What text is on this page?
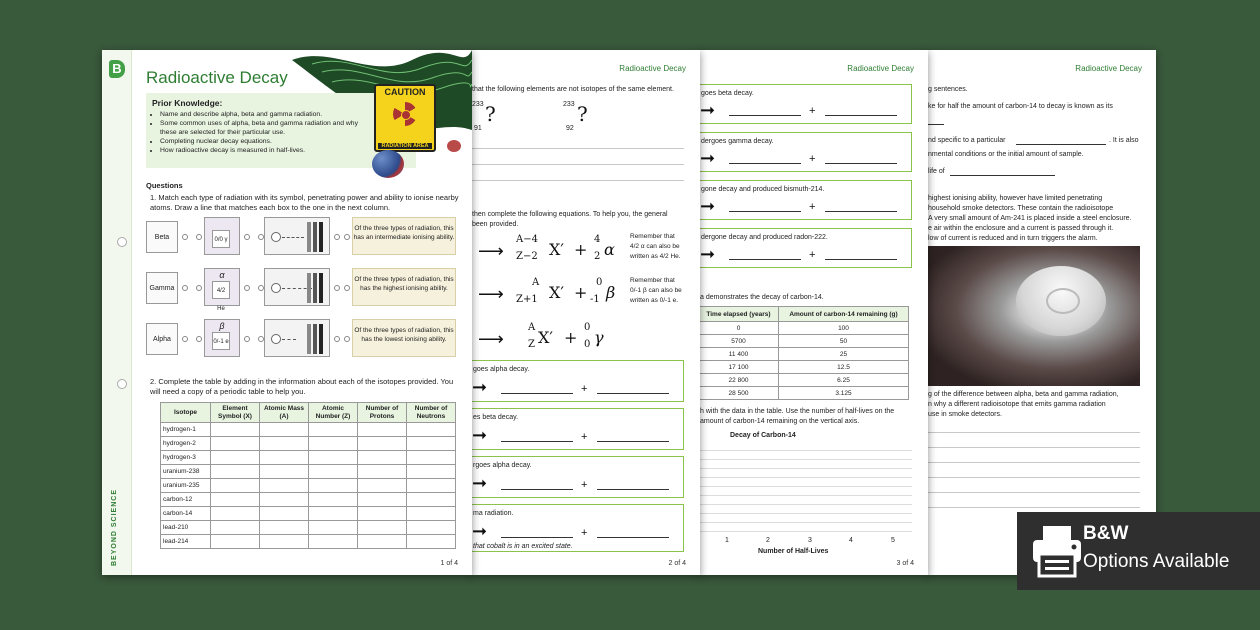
Radioactive Decay
g sentences.
ke for half the amount of carbon-14 to decay is known as its
nd specific to a particular	. It is also
nmental conditions or the initial amount of sample.
life of
highest ionising ability, however have limited penetrating
household smoke detectors. These contain the radioisotope
A very small amount of Am-241 is placed inside a steel enclosure.
e air within the enclosure and a current is passed through it.
low of current is reduced and in turn triggers the alarm.
g of the difference between alpha, beta and gamma radiation,
n why a different radioisotope that emits gamma radiation
use in smoke detectors.
Radioactive Decay
goes beta decay.
➞	+
dergoes gamma decay.
➞	+
gone decay and produced bismuth-214.
➞	+
dergone decay and produced radon-222.
➞	+
a demonstrates the decay of carbon-14.
Time elapsed (years)	Amount of carbon-14 remaining (g)
0	100
5700	50
11 400	25
17 100	12.5
22 800	6.25
28 500	3.125
h with the data in the table. Use the number of half-lives on the
amount of carbon-14 remaining on the vertical axis.
Decay of Carbon-14
1	2	3	4	5
Number of Half-Lives
3 of 4
Radioactive Decay
that the following elements are not isotopes of the same element.
233 ?
91
233 ?
92
then complete the following equations. To help you, the general
been provided.
⟶
A−4
Z−2 X′ +
4
2 α
Remember that
4/2 α can also be
written as 4/2 He.
⟶
A
Z+1 X′ +
0
-1 β
Remember that
0/-1 β can also be
written as 0/-1 e.
⟶
A
Z X′ +
0
0 γ
goes alpha decay.
➞	+
es beta decay.
➞	+
rgoes alpha decay.
➞	+
ma radiation.
➞	+
that cobalt is in an excited state.
2 of 4
B
BEYOND SCIENCE
Radioactive Decay
Prior Knowledge:
• Name and describe alpha, beta and gamma radiation.
• Some common uses of alpha, beta and gamma radiation and why these are selected for their particular use.
• Completing nuclear decay equations.
• How radioactive decay is measured in half-lives.
CAUTION
RADIATION AREA
Questions
1. Match each type of radiation with its symbol, penetrating power and ability to ionise nearby atoms. Draw a line that matches each box to the one in the next column.
Beta	0/0 γ
Of the three types of radiation, this has an intermediate ionising ability.
Gamma
α
4/2 He
Of the three types of radiation, this has the highest ionising ability.
Alpha
β
0/-1 e
Of the three types of radiation, this has the lowest ionising ability.
2. Complete the table by adding in the information about each of the isotopes provided. You will need a copy of a periodic table to help you.
Isotope	Element Symbol (X)	Atomic Mass (A)	Atomic Number (Z)	Number of Protons	Number of Neutrons
hydrogen-1					
hydrogen-2					
hydrogen-3					
uranium-238					
uranium-235					
carbon-12					
carbon-14					
lead-210					
lead-214					
1 of 4
B&W
Options Available
